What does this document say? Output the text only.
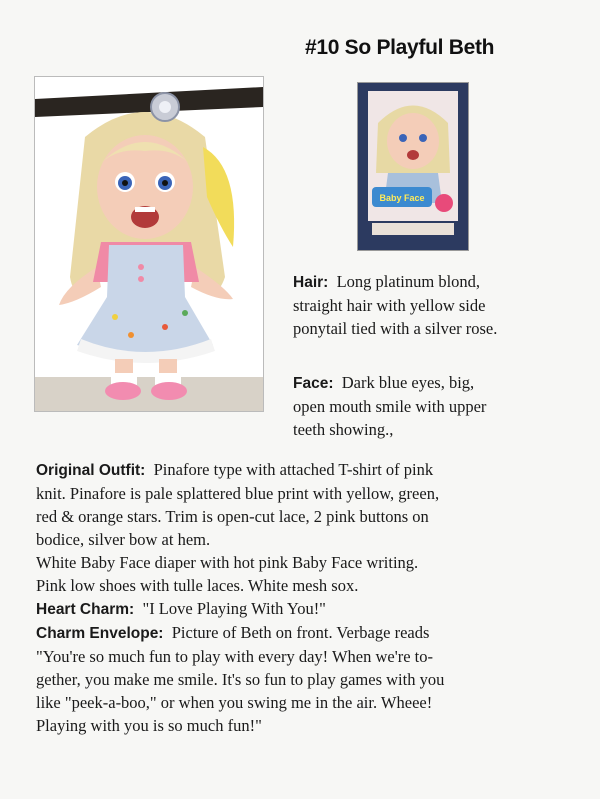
#10 So Playful Beth
Baby Face
Hair: Long platinum blond,
straight hair with yellow side
ponytail tied with a silver rose.
Face: Dark blue eyes, big,
open mouth smile with upper
teeth showing.,
Original Outfit: Pinafore type with attached T-shirt of pink
knit. Pinafore is pale splattered blue print with yellow, green,
red & orange stars. Trim is open-cut lace, 2 pink buttons on
bodice, silver bow at hem.
White Baby Face diaper with hot pink Baby Face writing.
Pink low shoes with tulle laces. White mesh sox.
Heart Charm: "I Love Playing With You!"
Charm Envelope: Picture of Beth on front. Verbage reads
"You're so much fun to play with every day! When we're to-
gether, you make me smile. It's so fun to play games with you
like "peek-a-boo," or when you swing me in the air. Wheee!
Playing with you is so much fun!"
